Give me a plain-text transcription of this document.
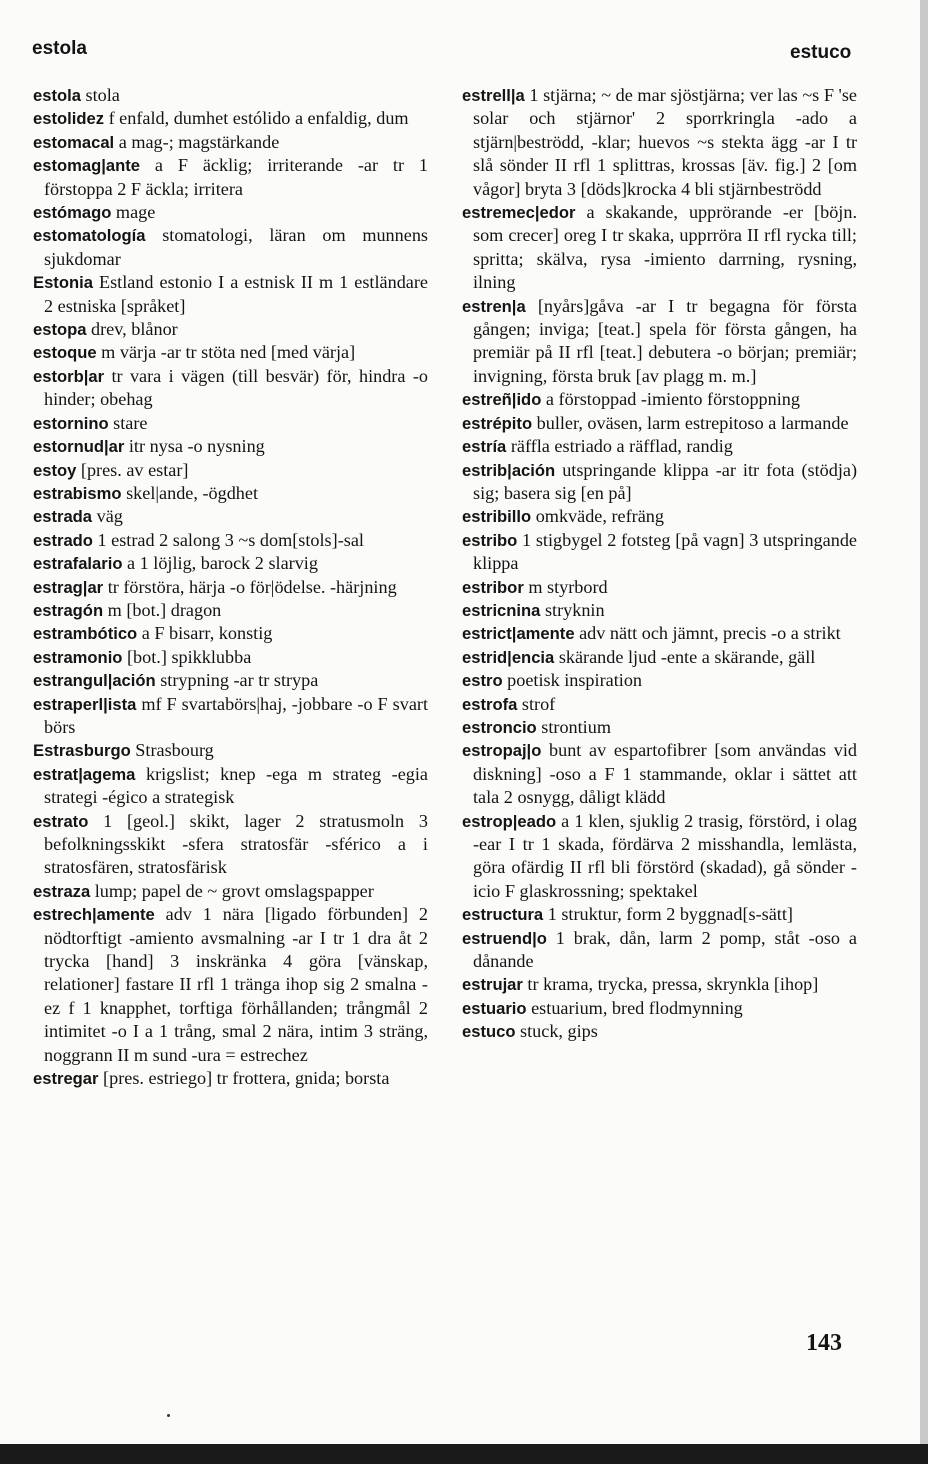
estola	estuco

estola stola

estolidez f enfald, dumhet estólido a enfaldig, dum

estomacal a mag-; magstärkande

estomag|ante a F äcklig; irriterande -ar tr 1 förstoppa 2 F äckla; irritera

estómago mage

estomatología stomatologi, läran om munnens sjukdomar

Estonia Estland estonio I a estnisk II m 1 estländare 2 estniska [språket]

estopa drev, blånor

estoque m värja -ar tr stöta ned [med värja]

estorb|ar tr vara i vägen (till besvär) för, hindra -o hinder; obehag

estornino stare

estornud|ar itr nysa -o nysning

estoy [pres. av estar]

estrabismo skel|ande, -ögdhet

estrada väg

estrado 1 estrad 2 salong 3 ~s dom[stols]-sal

estrafalario a 1 löjlig, barock 2 slarvig

estrag|ar tr förstöra, härja -o för|ödelse. -härjning

estragón m [bot.] dragon

estrambótico a F bisarr, konstig

estramonio [bot.] spikklubba

estrangul|ación strypning -ar tr strypa

estraperl|ista mf F svartabörs|haj, -jobbare -o F svart börs

Estrasburgo Strasbourg

estrat|agema krigslist; knep -ega m strateg -egia strategi -égico a strategisk

estrato 1 [geol.] skikt, lager 2 stratusmoln 3 befolkningsskikt -sfera stratosfär -sférico a i stratosfären, stratosfärisk

estraza lump; papel de ~ grovt omslagspapper

estrech|amente adv 1 nära [ligado förbunden] 2 nödtorftigt -amiento avsmalning -ar I tr 1 dra åt 2 trycka [hand] 3 inskränka 4 göra [vänskap, relationer] fastare II rfl 1 tränga ihop sig 2 smalna -ez f 1 knapphet, torftiga förhållanden; trångmål 2 intimitet -o I a 1 trång, smal 2 nära, intim 3 sträng, noggrann II m sund -ura = estrechez

estregar [pres. estriego] tr frottera, gnida; borsta

estrell|a 1 stjärna; ~ de mar sjöstjärna; ver las ~s F 'se solar och stjärnor' 2 sporrkringla -ado a stjärn|beströdd, -klar; huevos ~s stekta ägg -ar I tr slå sönder II rfl 1 splittras, krossas [äv. fig.] 2 [om vågor] bryta 3 [döds]krocka 4 bli stjärnbeströdd

estremec|edor a skakande, upprörande -er [böjn. som crecer] oreg I tr skaka, upprröra II rfl rycka till; spritta; skälva, rysa -imiento darrning, rysning, ilning

estren|a [nyårs]gåva -ar I tr begagna för första gången; inviga; [teat.] spela för första gången, ha premiär på II rfl [teat.] debutera -o början; premiär; invigning, första bruk [av plagg m. m.]

estreñ|ido a förstoppad -imiento förstoppning

estrépito buller, oväsen, larm estrepitoso a larmande

estría räffla estriado a räfflad, randig

estrib|ación utspringande klippa -ar itr fota (stödja) sig; basera sig [en på]

estribillo omkväde, refräng

estribo 1 stigbygel 2 fotsteg [på vagn] 3 utspringande klippa

estribor m styrbord

estricnina stryknin

estrict|amente adv nätt och jämnt, precis -o a strikt

estrid|encia skärande ljud -ente a skärande, gäll

estro poetisk inspiration

estrofa strof

estroncio strontium

estropaj|o bunt av espartofibrer [som användas vid diskning] -oso a F 1 stammande, oklar i sättet att tala 2 osnygg, dåligt klädd

estrop|eado a 1 klen, sjuklig 2 trasig, förstörd, i olag -ear I tr 1 skada, fördärva 2 misshandla, lemlästa, göra ofärdig II rfl bli förstörd (skadad), gå sönder -icio F glaskrossning; spektakel

estructura 1 struktur, form 2 byggnad[s-sätt]

estruend|o 1 brak, dån, larm 2 pomp, ståt -oso a dånande

estrujar tr krama, trycka, pressa, skrynkla [ihop]

estuario estuarium, bred flodmynning

estuco stuck, gips

143
